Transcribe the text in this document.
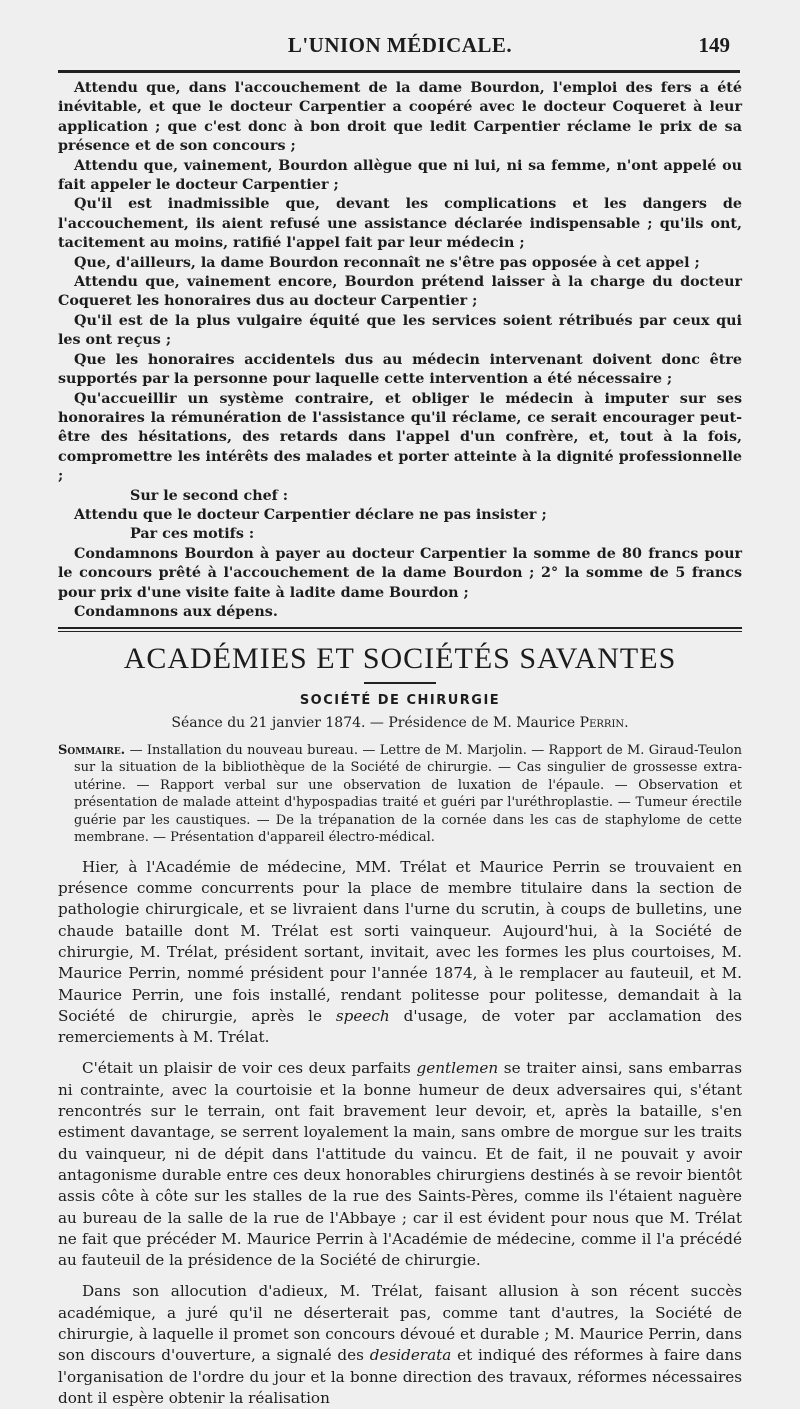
L'UNION MÉDICALE.	149

Attendu que, dans l'accouchement de la dame Bourdon, l'emploi des fers a été inévitable, et que le docteur Carpentier a coopéré avec le docteur Coqueret à leur application ; que c'est donc à bon droit que ledit Carpentier réclame le prix de sa présence et de son concours ;

Attendu que, vainement, Bourdon allègue que ni lui, ni sa femme, n'ont appelé ou fait appeler le docteur Carpentier ;

Qu'il est inadmissible que, devant les complications et les dangers de l'accouchement, ils aient refusé une assistance déclarée indispensable ; qu'ils ont, tacitement au moins, ratifié l'appel fait par leur médecin ;

Que, d'ailleurs, la dame Bourdon reconnaît ne s'être pas opposée à cet appel ;

Attendu que, vainement encore, Bourdon prétend laisser à la charge du docteur Coqueret les honoraires dus au docteur Carpentier ;

Qu'il est de la plus vulgaire équité que les services soient rétribués par ceux qui les ont reçus ;

Que les honoraires accidentels dus au médecin intervenant doivent donc être supportés par la personne pour laquelle cette intervention a été nécessaire ;

Qu'accueillir un système contraire, et obliger le médecin à imputer sur ses honoraires la rémunération de l'assistance qu'il réclame, ce serait encourager peut-être des hésitations, des retards dans l'appel d'un confrère, et, tout à la fois, compromettre les intérêts des malades et porter atteinte à la dignité professionnelle ;

Sur le second chef :

Attendu que le docteur Carpentier déclare ne pas insister ;

Par ces motifs :

Condamnons Bourdon à payer au docteur Carpentier la somme de 80 francs pour le concours prêté à l'accouchement de la dame Bourdon ; 2° la somme de 5 francs pour prix d'une visite faite à ladite dame Bourdon ;

Condamnons aux dépens.

ACADÉMIES ET SOCIÉTÉS SAVANTES
SOCIÉTÉ DE CHIRURGIE
Séance du 21 janvier 1874. — Présidence de M. Maurice Perrin.
Sommaire. — Installation du nouveau bureau. — Lettre de M. Marjolin. — Rapport de M. Giraud-Teulon sur la situation de la bibliothèque de la Société de chirurgie. — Cas singulier de grossesse extra-utérine. — Rapport verbal sur une observation de luxation de l'épaule. — Observation et présentation de malade atteint d'hypospadias traité et guéri par l'uréthroplastie. — Tumeur érectile guérie par les caustiques. — De la trépanation de la cornée dans les cas de staphylome de cette membrane. — Présentation d'appareil électro-médical.

Hier, à l'Académie de médecine, MM. Trélat et Maurice Perrin se trouvaient en présence comme concurrents pour la place de membre titulaire dans la section de pathologie chirurgicale, et se livraient dans l'urne du scrutin, à coups de bulletins, une chaude bataille dont M. Trélat est sorti vainqueur. Aujourd'hui, à la Société de chirurgie, M. Trélat, président sortant, invitait, avec les formes les plus courtoises, M. Maurice Perrin, nommé président pour l'année 1874, à le remplacer au fauteuil, et M. Maurice Perrin, une fois installé, rendant politesse pour politesse, demandait à la Société de chirurgie, après le speech d'usage, de voter par acclamation des remerciements à M. Trélat.

C'était un plaisir de voir ces deux parfaits gentlemen se traiter ainsi, sans embarras ni contrainte, avec la courtoisie et la bonne humeur de deux adversaires qui, s'étant rencontrés sur le terrain, ont fait bravement leur devoir, et, après la bataille, s'en estiment davantage, se serrent loyalement la main, sans ombre de morgue sur les traits du vainqueur, ni de dépit dans l'attitude du vaincu. Et de fait, il ne pouvait y avoir antagonisme durable entre ces deux honorables chirurgiens destinés à se revoir bientôt assis côte à côte sur les stalles de la rue des Saints-Pères, comme ils l'étaient naguère au bureau de la salle de la rue de l'Abbaye ; car il est évident pour nous que M. Trélat ne fait que précéder M. Maurice Perrin à l'Académie de médecine, comme il l'a précédé au fauteuil de la présidence de la Société de chirurgie.

Dans son allocution d'adieux, M. Trélat, faisant allusion à son récent succès académique, a juré qu'il ne déserterait pas, comme tant d'autres, la Société de chirurgie, à laquelle il promet son concours dévoué et durable ; M. Maurice Perrin, dans son discours d'ouverture, a signalé des desiderata et indiqué des réformes à faire dans l'organisation de l'ordre du jour et la bonne direction des travaux, réformes nécessaires dont il espère obtenir la réalisation
